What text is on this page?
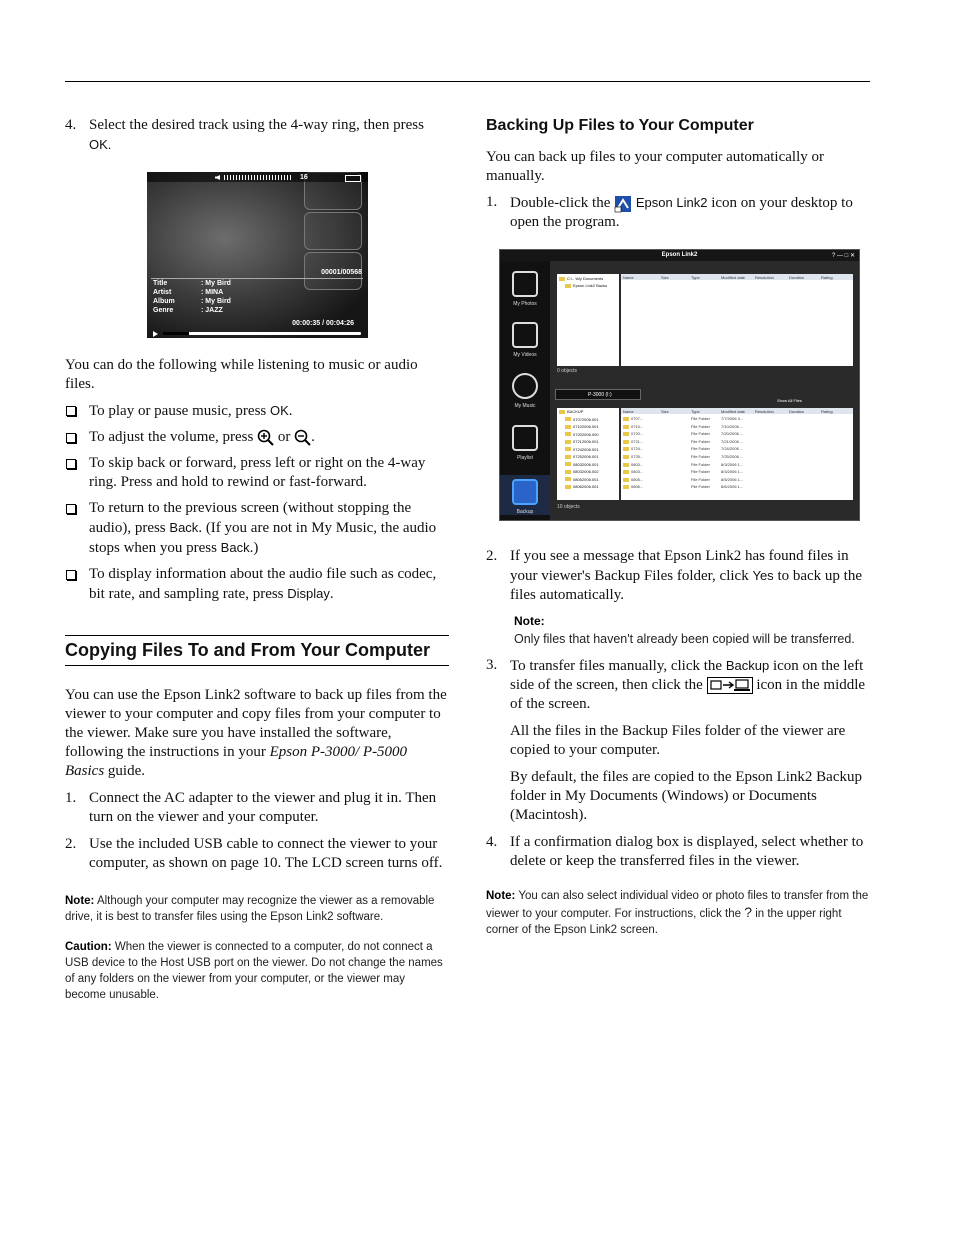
4. Select the desired track using the 4-way ring, then press OK.

You can do the following while listening to music or audio files.

To play or pause music, press OK.
To adjust the volume, press  or .
To skip back or forward, press left or right on the 4-way ring. Press and hold to rewind or fast-forward.
To return to the previous screen (without stopping the audio), press Back. (If you are not in My Music, the audio stops when you press Back.)
To display information about the audio file such as codec, bit rate, and sampling rate, press Display.
Copying Files To and From Your Computer

You can use the Epson Link2 software to back up files from the viewer to your computer and copy files from your computer to the viewer. Make sure you have installed the software, following the instructions in your Epson P-3000/ P-5000 Basics guide.

1. Connect the AC adapter to the viewer and plug it in. Then turn on the viewer and your computer.
2. Use the included USB cable to connect the viewer to your computer, as shown on page 10. The LCD screen turns off.

Note: Although your computer may recognize the viewer as a removable drive, it is best to transfer files using the Epson Link2 software.

Caution: When the viewer is connected to a computer, do not connect a USB device to the Host USB port on the viewer. Do not change the names of any folders on the viewer from your computer, or the viewer may become unusable.

16
00001/00568
Title	: My Bird
Artist	: MINA
Album	: My Bird
Genre	: JAZZ
00:00:35 / 00:04:26
Backing Up Files to Your Computer

You can back up files to your computer automatically or manually.

1. Double-click the  Epson Link2 icon on your desktop to open the program.
2. If you see a message that Epson Link2 has found files in your viewer's Backup Files folder, click Yes to back up the files automatically.
Note:
Only files that haven't already been copied will be transferred.
3. To transfer files manually, click the Backup icon on the left side of the screen, then click the	icon in the middle of the screen.

All the files in the Backup Files folder of the viewer are copied to your computer.

By default, the files are copied to the Epson Link2 Backup folder in My Documents (Windows) or Documents (Macintosh).

4. If a confirmation dialog box is displayed, select whether to delete or keep the transferred files in the viewer.

Note: You can also select individual video or photo files to transfer from the viewer to your computer. For instructions, click the ? in the upper right corner of the Epson Link2 screen.

Epson Link2	? — □ ✕
My Photos
My Videos
My Music
Playlist
Backup
C:\...\My Documents
Epson Link2 Backu
Name	Size	Type	Modified date Resolution	Duration	Rating
0 objects
P-3000 (I:)
Show All Files
BACKUP
07072006.001
07102006.001
07202006.000
07212006.001
07242006.001
07252006.001
08032006.001
08032006.002
08052006.001
08062006.001
Name	Size	Type	Modified date Resolution	Duration	Rating
0707...	File Folder	7/7/2006 3...
0710...	File Folder	7/10/2006 ...
0720...	File Folder	7/20/2006 ...
0721...	File Folder	7/21/2006 ...
0724...	File Folder	7/24/2006 ...
0725...	File Folder	7/25/2006 ...
0803...	File Folder	8/3/2006 1...
0803...	File Folder	8/3/2006 1...
0805...	File Folder	8/5/2006 1...
0806...	File Folder	8/6/2006 1...
10 objects
